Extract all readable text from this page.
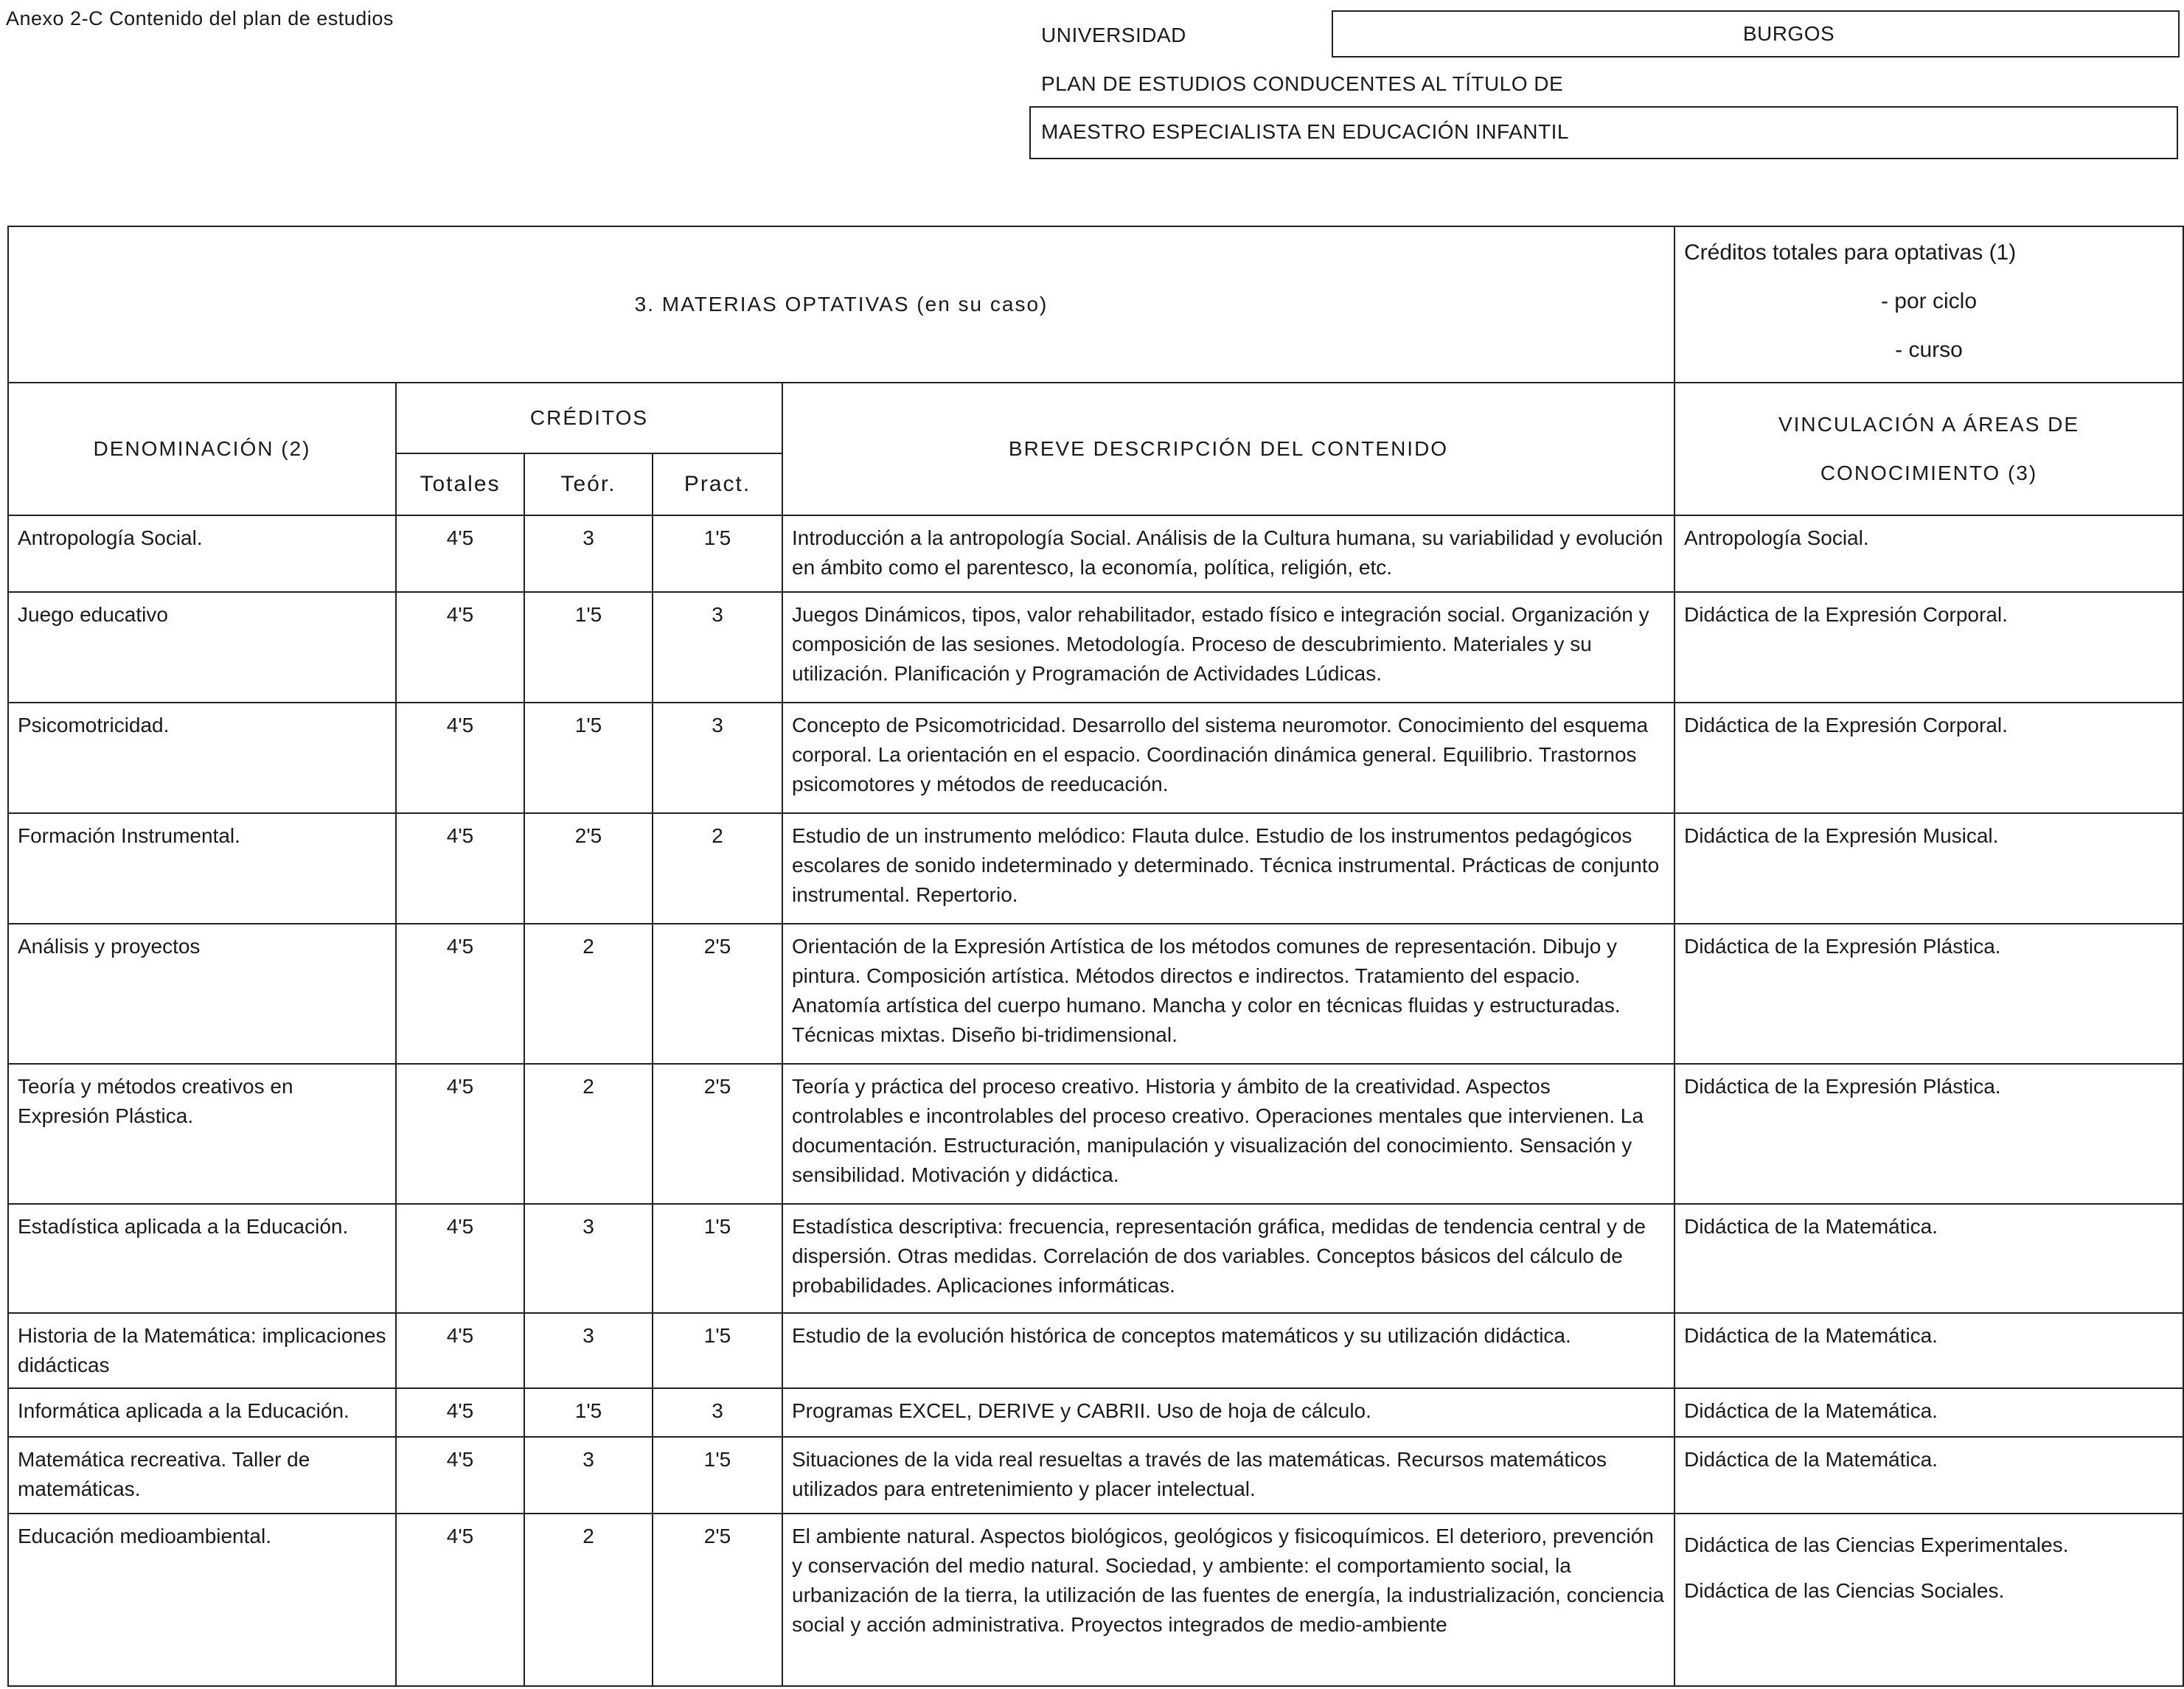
Anexo 2-C Contenido del plan de estudios
UNIVERSIDAD	BURGOS
PLAN DE ESTUDIOS CONDUCENTES AL TÍTULO DE
MAESTRO ESPECIALISTA EN EDUCACIÓN INFANTIL
3. MATERIAS OPTATIVAS (en su caso)					Créditos totales para optativas (1)
- por ciclo
- curso

DENOMINACIÓN (2)	CRÉDITOS			BREVE DESCRIPCIÓN DEL CONTENIDO	VINCULACIÓN A ÁREAS DE CONOCIMIENTO (3)
	Totales	Teór.	Pract.		
Antropología Social.	4'5	3	1'5	Introducción a la antropología Social. Análisis de la Cultura humana, su variabilidad y evolución en ámbito como el parentesco, la economía, política, religión, etc.	Antropología Social.
Juego educativo	4'5	1'5	3	Juegos Dinámicos, tipos, valor rehabilitador, estado físico e integración social. Organización y composición de las sesiones. Metodología. Proceso de descubrimiento. Materiales y su utilización. Planificación y Programación de Actividades Lúdicas.	Didáctica de la Expresión Corporal.
Psicomotricidad.	4'5	1'5	3	Concepto de Psicomotricidad. Desarrollo del sistema neuromotor. Conocimiento del esquema corporal. La orientación en el espacio. Coordinación dinámica general. Equilibrio. Trastornos psicomotores y métodos de reeducación.	Didáctica de la Expresión Corporal.
Formación Instrumental.	4'5	2'5	2	Estudio de un instrumento melódico: Flauta dulce. Estudio de los instrumentos pedagógicos escolares de sonido indeterminado y determinado. Técnica instrumental. Prácticas de conjunto instrumental. Repertorio.	Didáctica de la Expresión Musical.
Análisis y proyectos	4'5	2	2'5	Orientación de la Expresión Artística de los métodos comunes de representación. Dibujo y pintura. Composición artística. Métodos directos e indirectos. Tratamiento del espacio. Anatomía artística del cuerpo humano. Mancha y color en técnicas fluidas y estructuradas. Técnicas mixtas. Diseño bi-tridimensional.	Didáctica de la Expresión Plástica.
Teoría y métodos creativos en Expresión Plástica.	4'5	2	2'5	Teoría y práctica del proceso creativo. Historia y ámbito de la creatividad. Aspectos controlables e incontrolables del proceso creativo. Operaciones mentales que intervienen. La documentación. Estructuración, manipulación y visualización del conocimiento. Sensación y sensibilidad. Motivación y didáctica.	Didáctica de la Expresión Plástica.
Estadística aplicada a la Educación.	4'5	3	1'5	Estadística descriptiva: frecuencia, representación gráfica, medidas de tendencia central y de dispersión. Otras medidas. Correlación de dos variables. Conceptos básicos del cálculo de probabilidades. Aplicaciones informáticas.	Didáctica de la Matemática.
Historia de la Matemática: implicaciones didácticas	4'5	3	1'5	Estudio de la evolución histórica de conceptos matemáticos y su utilización didáctica.	Didáctica de la Matemática.
Informática aplicada a la Educación.	4'5	1'5	3	Programas EXCEL, DERIVE y CABRII. Uso de hoja de cálculo.	Didáctica de la Matemática.
Matemática recreativa. Taller de matemáticas.	4'5	3	1'5	Situaciones de la vida real resueltas a través de las matemáticas. Recursos matemáticos utilizados para entretenimiento y placer intelectual.	Didáctica de la Matemática.
Educación medioambiental.	4'5	2	2'5	El ambiente natural. Aspectos biológicos, geológicos y fisicoquímicos. El deterioro, prevención y conservación del medio natural. Sociedad, y ambiente: el comportamiento social, la urbanización de la tierra, la utilización de las fuentes de energía, la industrialización, conciencia social y acción administrativa. Proyectos integrados de medio-ambiente	Didáctica de las Ciencias Experimentales.
Didáctica de las Ciencias Sociales.
